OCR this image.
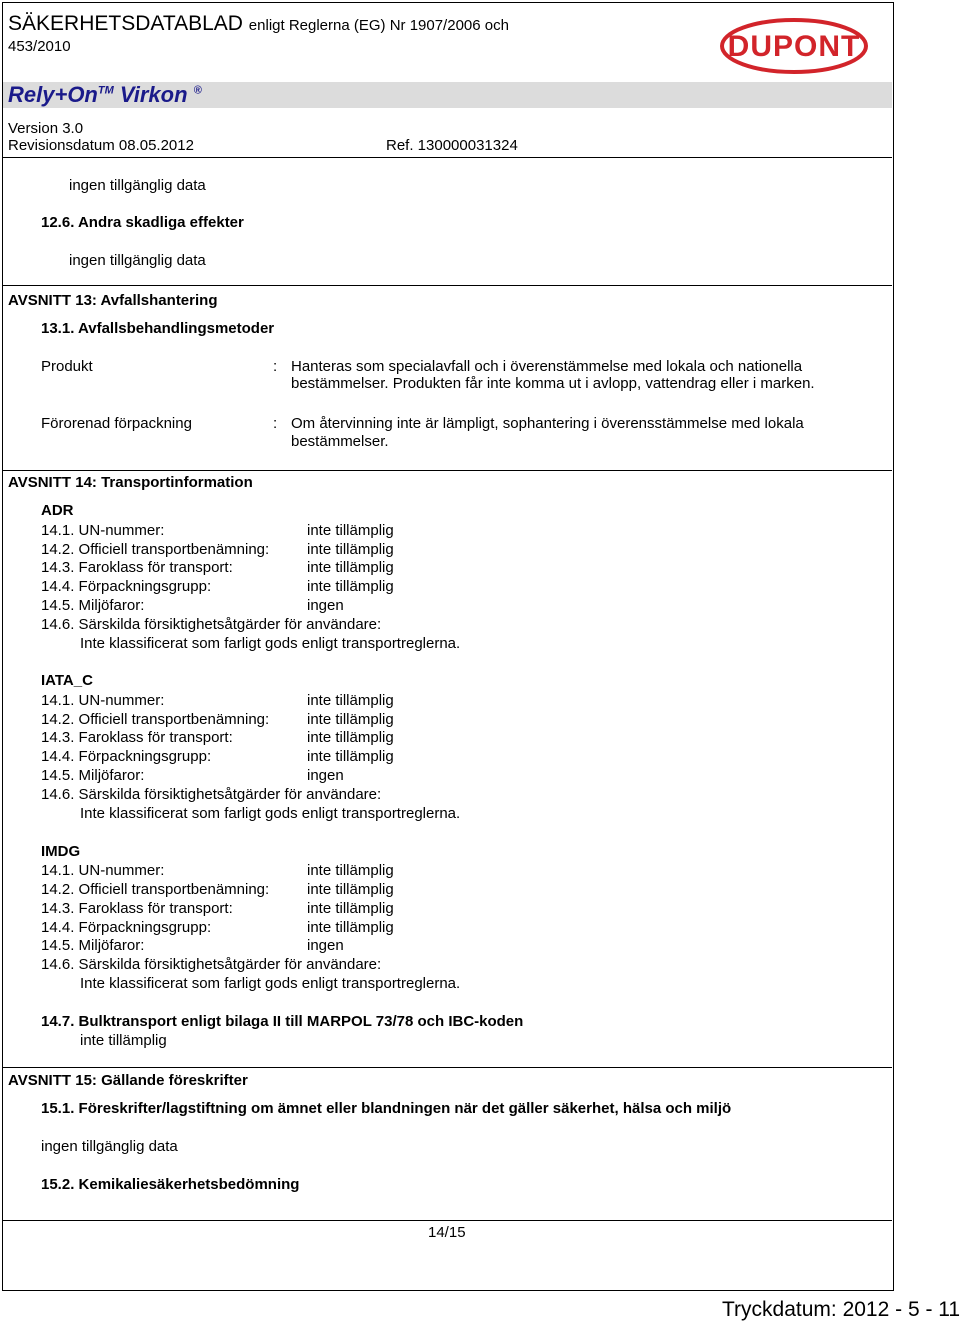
SÄKERHETSDATABLAD enligt Reglerna (EG) Nr 1907/2006 och
453/2010	DUPONT
Rely+On™ Virkon ®
Version 3.0
Revisionsdatum 08.05.2012	Ref. 130000031324
ingen tillgänglig data
12.6. Andra skadliga effekter
ingen tillgänglig data
AVSNITT 13: Avfallshantering
13.1. Avfallsbehandlingsmetoder
Produkt	: Hanteras som specialavfall och i överenstämmelse med lokala och nationella
bestämmelser. Produkten får inte komma ut i avlopp, vattendrag eller i marken.
Förorenad förpackning	: Om återvinning inte är lämpligt, sophantering i överensstämmelse med lokala
bestämmelser.
AVSNITT 14: Transportinformation
ADR
14.1. UN-nummer:	inte tillämplig
14.2. Officiell transportbenämning:	inte tillämplig
14.3. Faroklass för transport:	inte tillämplig
14.4. Förpackningsgrupp:	inte tillämplig
14.5. Miljöfaror:	ingen
14.6. Särskilda försiktighetsåtgärder för användare:
Inte klassificerat som farligt gods enligt transportreglerna.
IATA_C
14.1. UN-nummer:	inte tillämplig
14.2. Officiell transportbenämning:	inte tillämplig
14.3. Faroklass för transport:	inte tillämplig
14.4. Förpackningsgrupp:	inte tillämplig
14.5. Miljöfaror:	ingen
14.6. Särskilda försiktighetsåtgärder för användare:
Inte klassificerat som farligt gods enligt transportreglerna.
IMDG
14.1. UN-nummer:	inte tillämplig
14.2. Officiell transportbenämning:	inte tillämplig
14.3. Faroklass för transport:	inte tillämplig
14.4. Förpackningsgrupp:	inte tillämplig
14.5. Miljöfaror:	ingen
14.6. Särskilda försiktighetsåtgärder för användare:
Inte klassificerat som farligt gods enligt transportreglerna.
14.7. Bulktransport enligt bilaga II till MARPOL 73/78 och IBC-koden
inte tillämplig
AVSNITT 15: Gällande föreskrifter
15.1. Föreskrifter/lagstiftning om ämnet eller blandningen när det gäller säkerhet, hälsa och miljö
ingen tillgänglig data
15.2. Kemikaliesäkerhetsbedömning
14/15
Tryckdatum: 2012 - 5 - 11
